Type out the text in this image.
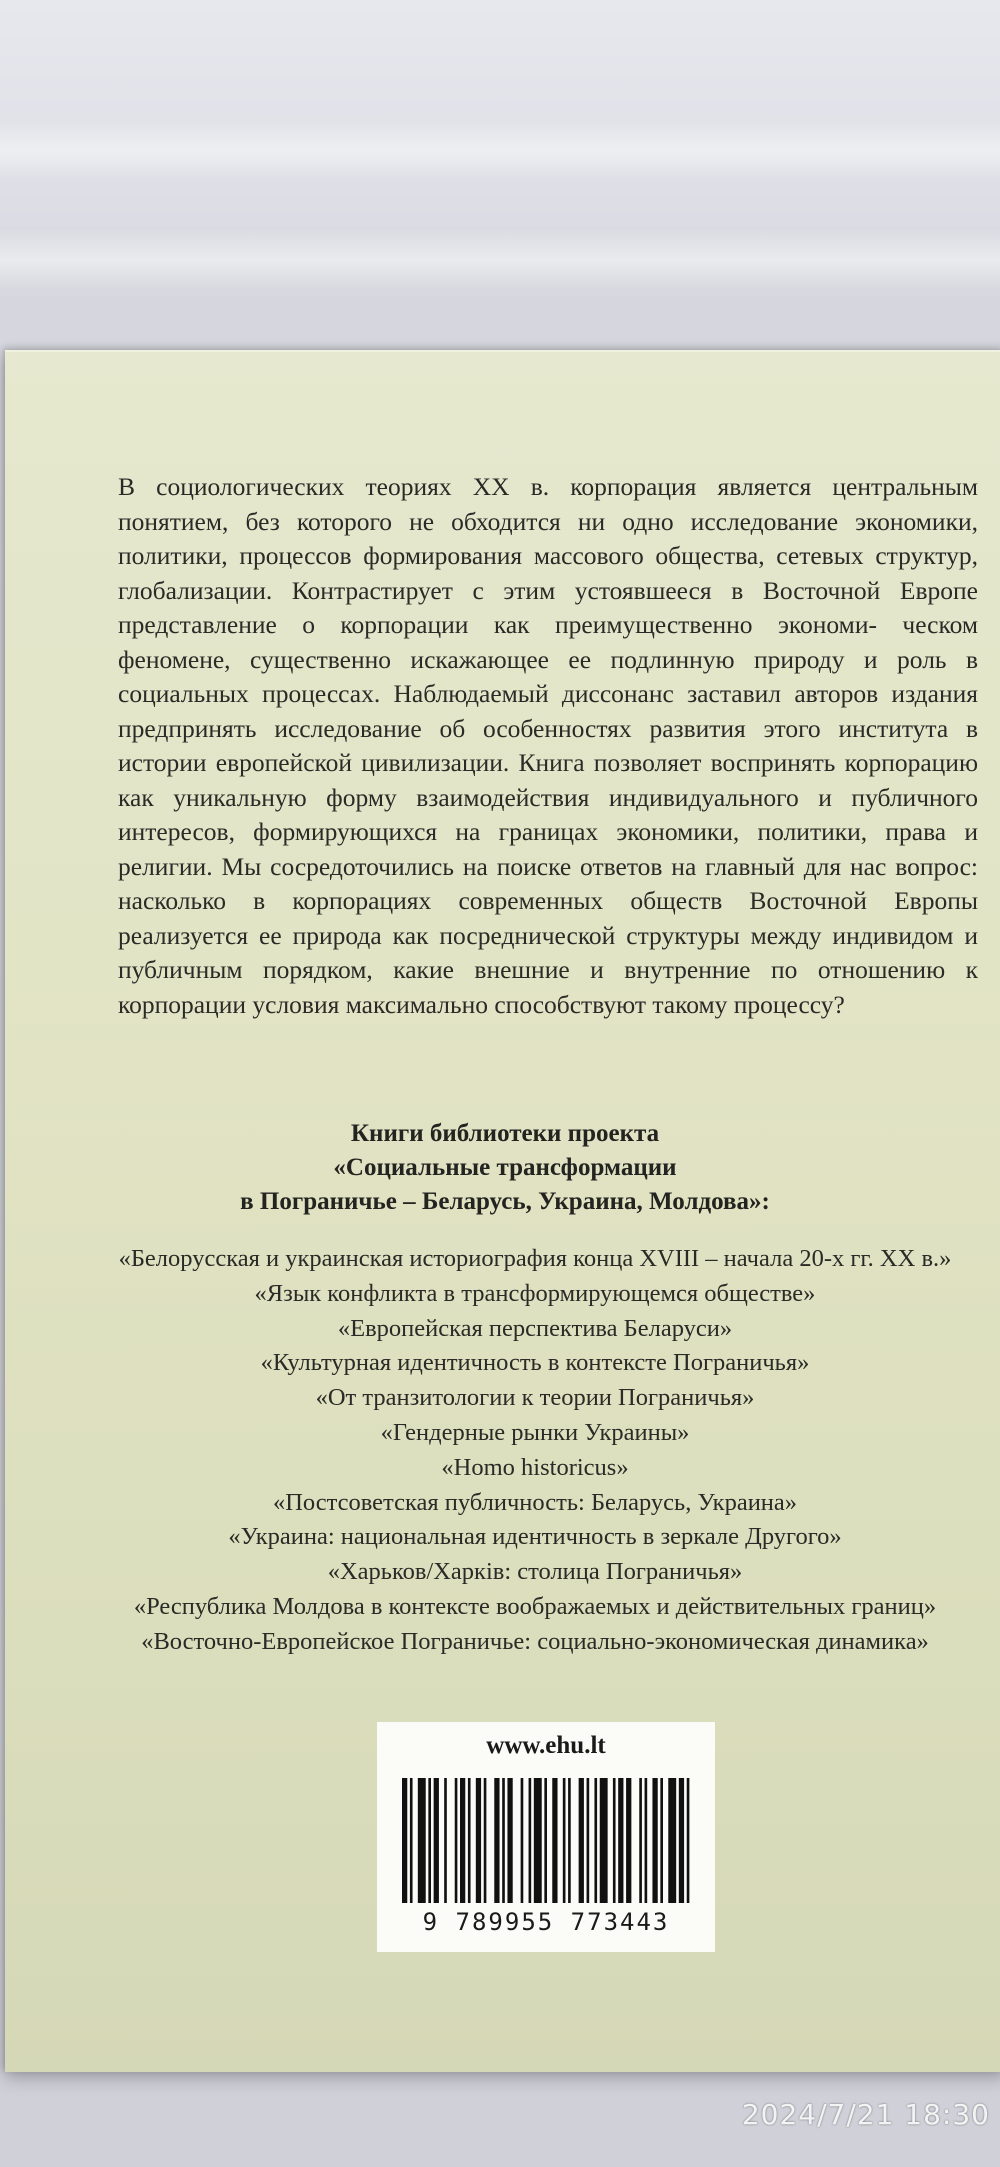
В социологических теориях XX в. корпорация является центральным понятием, без которого не обходится ни одно исследование экономики, политики, процессов формирования массового общества, сетевых структур, глобализации. Контрастирует с этим устоявшееся в Восточной Европе представление о корпорации как преимущественно экономи- ческом феномене, существенно искажающее ее подлинную природу и роль в социальных процессах. Наблюдаемый диссонанс заставил авторов издания предпринять исследование об особенностях развития этого института в истории европейской цивилизации. Книга позволяет воспринять корпорацию как уникальную форму взаимодействия индивидуального и публичного интересов, формирующихся на границах экономики, политики, права и религии. Мы сосредоточились на поиске ответов на главный для нас вопрос: насколько в корпорациях современных обществ Восточной Европы реализуется ее природа как посреднической структуры между индивидом и публичным порядком, какие внешние и внутренние по отношению к корпорации условия максимально способствуют такому процессу?

Книги библиотеки проекта
«Социальные трансформации
в Пограничье – Беларусь, Украина, Молдова»:
«Белорусская и украинская историография конца XVIII – начала 20-х гг. XX в.»
«Язык конфликта в трансформирующемся обществе»
«Европейская перспектива Беларуси»
«Культурная идентичность в контексте Пограничья»
«От транзитологии к теории Пограничья»
«Гендерные рынки Украины»
«Homo historicus»
«Постсоветская публичность: Беларусь, Украина»
«Украина: национальная идентичность в зеркале Другого»
«Харьков/Харкiв: столица Пограничья»
«Республика Молдова в контексте воображаемых и действительных границ»
«Восточно-Европейское Пограничье: социально-экономическая динамика»
www.ehu.lt
9 789955 773443
2024/7/21 18:30
